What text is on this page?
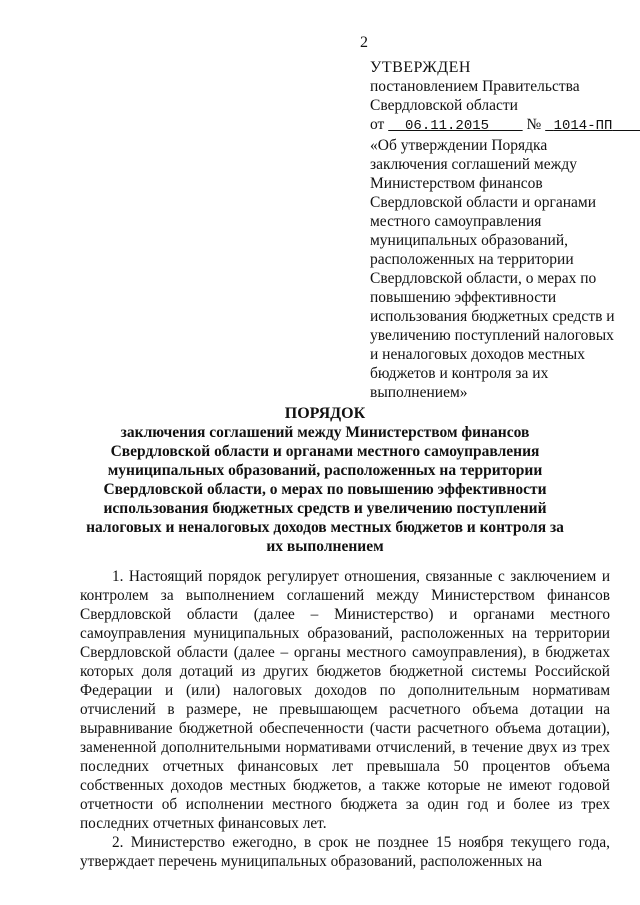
2
УТВЕРЖДЕН
постановлением Правительства
Свердловской области
от 06.11.2015 № 1014-ПП
«Об утверждении Порядка заключения соглашений между Министерством финансов Свердловской области и органами местного самоуправления муниципальных образований, расположенных на территории Свердловской области, о мерах по повышению эффективности использования бюджетных средств и увеличению поступлений налоговых и неналоговых доходов местных бюджетов и контроля за их выполнением»
ПОРЯДОК
заключения соглашений между Министерством финансов Свердловской области и органами местного самоуправления муниципальных образований, расположенных на территории Свердловской области, о мерах по повышению эффективности использования бюджетных средств и увеличению поступлений налоговых и неналоговых доходов местных бюджетов и контроля за их выполнением

1. Настоящий порядок регулирует отношения, связанные с заключением и контролем за выполнением соглашений между Министерством финансов Свердловской области (далее – Министерство) и органами местного самоуправления муниципальных образований, расположенных на территории Свердловской области (далее – органы местного самоуправления), в бюджетах которых доля дотаций из других бюджетов бюджетной системы Российской Федерации и (или) налоговых доходов по дополнительным нормативам отчислений в размере, не превышающем расчетного объема дотации на выравнивание бюджетной обеспеченности (части расчетного объема дотации), замененной дополнительными нормативами отчислений, в течение двух из трех последних отчетных финансовых лет превышала 50 процентов объема собственных доходов местных бюджетов, а также которые не имеют годовой отчетности об исполнении местного бюджета за один год и более из трех последних отчетных финансовых лет.

2. Министерство ежегодно, в срок не позднее 15 ноября текущего года, утверждает перечень муниципальных образований, расположенных на
